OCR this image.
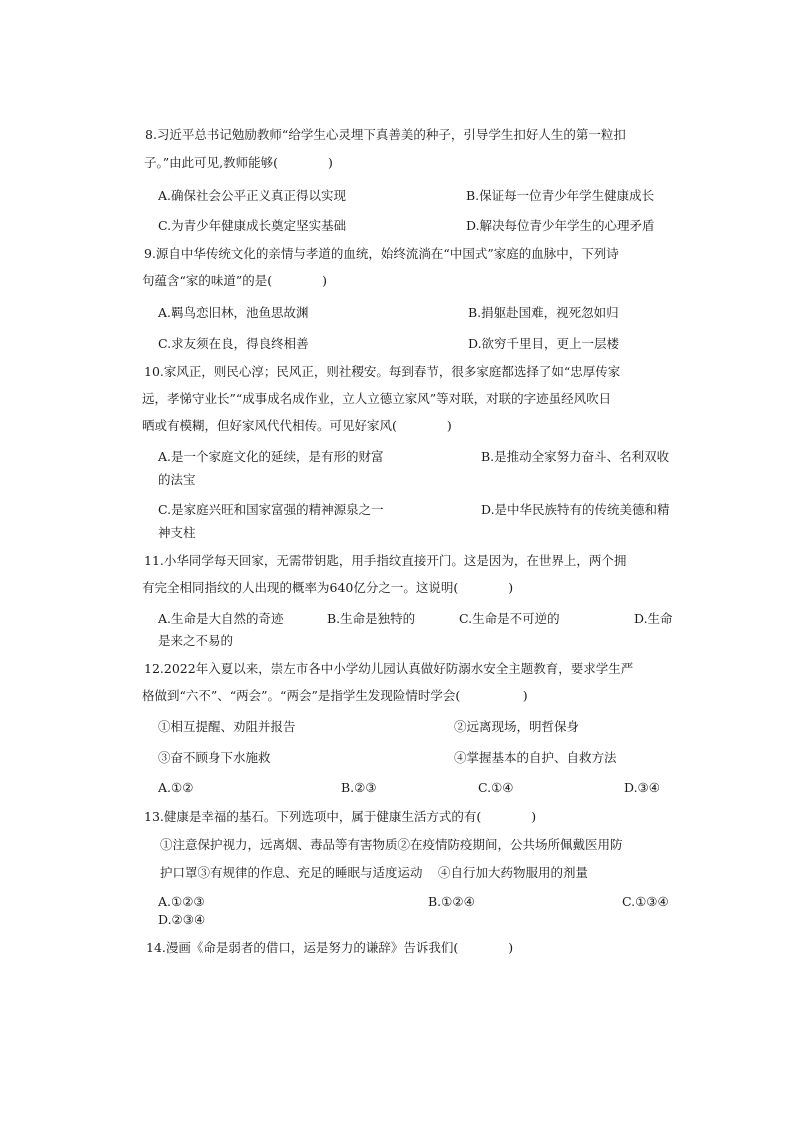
8.习近平总书记勉励教师“给学生心灵埋下真善美的种子，引导学生扣好人生的第一粒扣
子。”由此可见,教师能够(　　　　)
A.确保社会公平正义真正得以实现	B.保证每一位青少年学生健康成长
C.为青少年健康成长奠定坚实基础	D.解决每位青少年学生的心理矛盾
9.源自中华传统文化的亲情与孝道的血统，始终流淌在“中国式”家庭的血脉中，下列诗
句蕴含“家的味道”的是(　　　　)
A.羁鸟恋旧林，池鱼思故渊	B.捐躯赴国难，视死忽如归
C.求友须在良，得良终相善	D.欲穷千里目，更上一层楼
10.家风正，则民心淳；民风正，则社稷安。每到春节，很多家庭都选择了如“忠厚传家
远，孝悌守业长”“成事成名成作业，立人立德立家风”等对联，对联的字迹虽经风吹日
晒或有模糊，但好家风代代相传。可见好家风(　　　　)
A.是一个家庭文化的延续，是有形的财富	B.是推动全家努力奋斗、名利双收
的法宝
C.是家庭兴旺和国家富强的精神源泉之一	D.是中华民族特有的传统美德和精
神支柱
11.小华同学每天回家，无需带钥匙，用手指纹直接开门。这是因为，在世界上，两个拥
有完全相同指纹的人出现的概率为640亿分之一。这说明(　　　　)
A.生命是大自然的奇迹	B.生命是独特的	C.生命是不可逆的	D.生命
是来之不易的
12.2022年入夏以来，崇左市各中小学幼儿园认真做好防溺水安全主题教育，要求学生严
格做到“六不”、“两会”。“两会”是指学生发现险情时学会(　　　　　)
①相互提醒、劝阻并报告	②远离现场，明哲保身
③奋不顾身下水施救	④掌握基本的自护、自救方法
A.①②	B.②③	C.①④	D.③④
13.健康是幸福的基石。下列选项中，属于健康生活方式的有(　　　　)
①注意保护视力，远离烟、毒品等有害物质②在疫情防疫期间，公共场所佩戴医用防
护口罩③有规律的作息、充足的睡眠与适度运动 ④自行加大药物服用的剂量
A.①②③	B.①②④	C.①③④
D.②③④
14.漫画《命是弱者的借口，运是努力的谦辞》告诉我们(　　　　)
